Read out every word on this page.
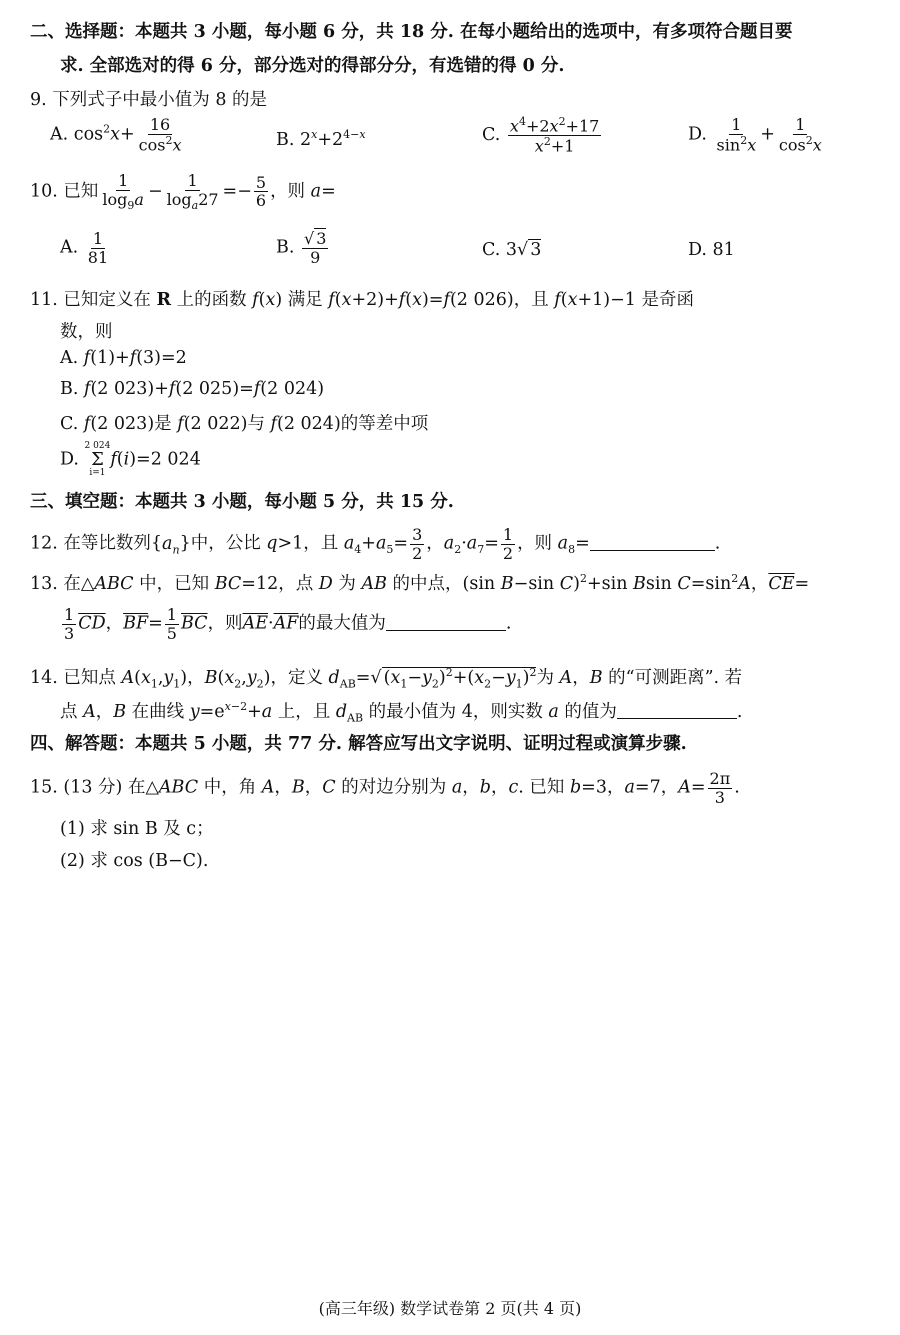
二、选择题：本题共 3 小题，每小题 6 分，共 18 分. 在每小题给出的选项中，有多项符合题目要
求. 全部选对的得 6 分，部分选对的得部分分，有选错的得 0 分.
9. 下列式子中最小值为 8 的是
A. $\cos^2x+ \frac{16}{\cos^2x}$	B. $2^x+2^{4-x}$	C. $\frac{x^4+2x^2+17}{x^2+1}$	D. $\frac{1}{\sin^2x} + \frac{1}{\cos^2x}$
10. 已知 $\frac{1}{\log_9a} - \frac{1}{\log_a27} =- \frac{5}{6}$ ，则 a=
A. $\frac{1}{81}$	B. $\frac{√ 3}{9}$	C. 3√ 3	D. 81
11. 已知定义在 R 上的函数 f(x) 满足 f(x+2)+f(x)=f(2 026)，且 f(x+1)−1 是奇函
数，则
A. f(1)+f(3)=2
B. f(2 023)+f(2 025)=f(2 024)
C. f(2 023)是 f(2 022)与 f(2 024)的等差中项
D.
2 024
Σ
i=1
f(i)=2 024
三、填空题：本题共 3 小题，每小题 5 分，共 15 分.
12. 在等比数列$\{a_n\}$中，公比 q>1，且 $a_4+a_5= \frac{3}{2}$ ，$a_2\cdot a_7= \frac{1}{2}$ ，则 $a_8=$	.
13. 在△ABC 中，已知 BC=12，点 D 为 AB 的中点，(sin B−sin C)$^2$+sin Bsin $C=\sin^2A$，$\overline{CE}=$
$\frac{1}{3} \overline{CD}$，$\overline{BF}= \frac{1}{5} \overline{BC}$，则$\overline{AE}\cdot\overline{AF}$的最大值为	.
14. 已知点 $A(x_1,y_1)$，$B(x_2,y_2)$，定义 $d_{AB}=√$ $(x_1-y_2)^2+(x_2-y_1)^2$为 A，B 的“可测距离”. 若
点 A，B 在曲线 $y=e^{x-2}+a$ 上，且 $d_{AB}$ 的最小值为 4，则实数 a 的值为	.
四、解答题：本题共 5 小题，共 77 分. 解答应写出文字说明、证明过程或演算步骤.
15. (13 分) 在△ABC 中，角 A，B，C 的对边分别为 a，b，c. 已知 b=3，a=7，$A= \frac{2\pi}{3}$ .
(1) 求 sin B 及 c；
(2) 求 cos (B−C).
(高三年级) 数学试卷第 2 页(共 4 页)
